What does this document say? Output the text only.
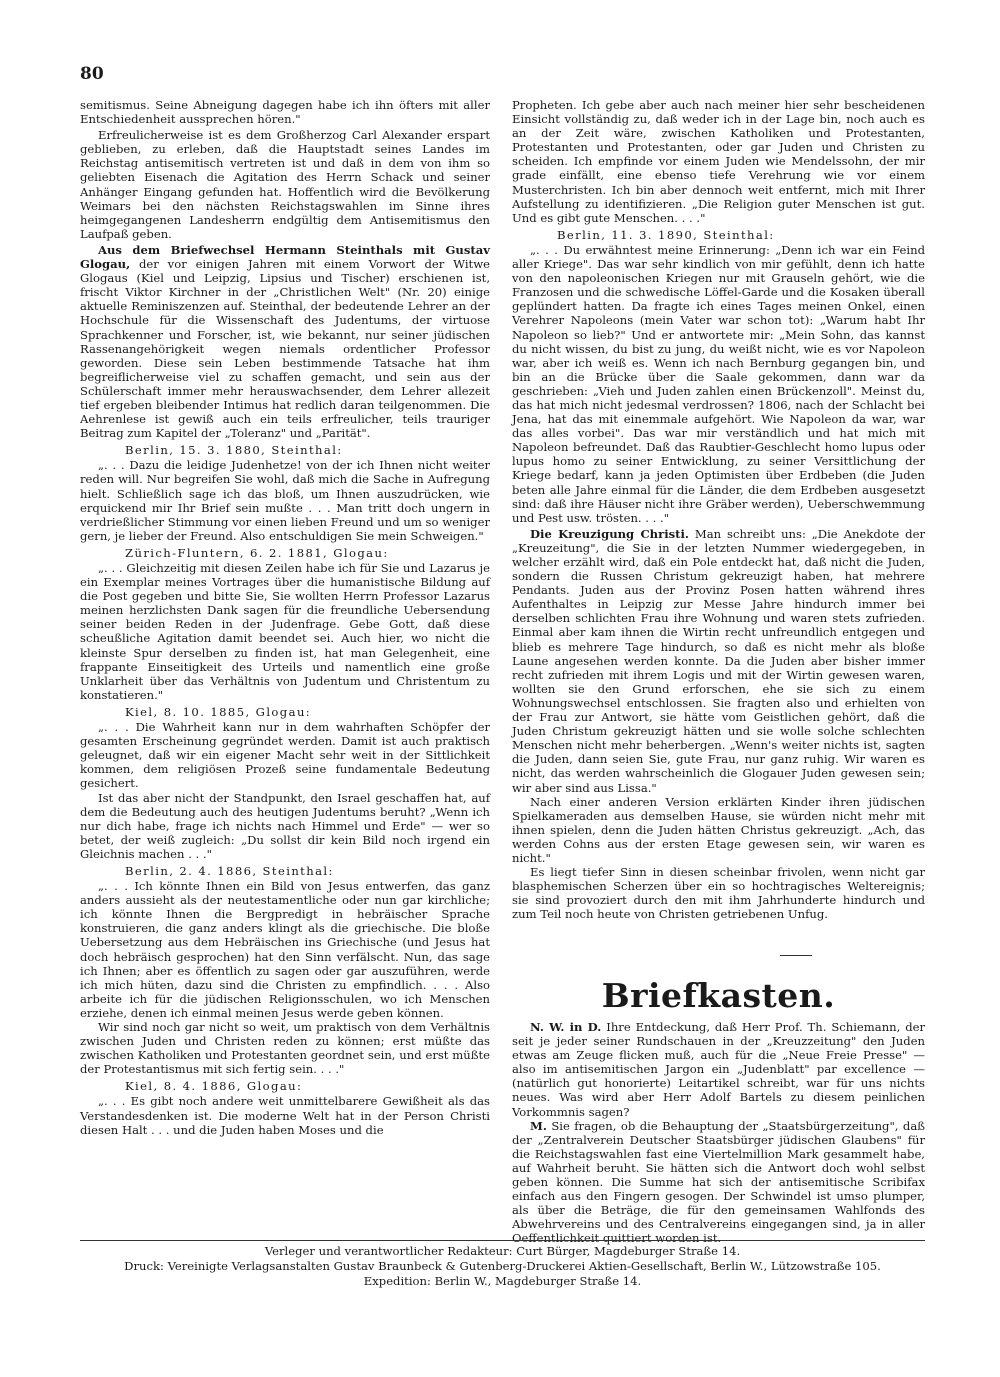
80

semitismus. Seine Abneigung dagegen habe ich ihn öfters mit aller Entschiedenheit aussprechen hören."

Erfreulicherweise ist es dem Großherzog Carl Alexander erspart geblieben, zu erleben, daß die Hauptstadt seines Landes im Reichstag antisemitisch vertreten ist und daß in dem von ihm so geliebten Eisenach die Agitation des Herrn Schack und seiner Anhänger Eingang gefunden hat. Hoffentlich wird die Bevölkerung Weimars bei den nächsten Reichstagswahlen im Sinne ihres heimgegangenen Landesherrn endgültig dem Antisemitismus den Laufpaß geben.

Aus dem Briefwechsel Hermann Steinthals mit Gustav Glogau, der vor einigen Jahren mit einem Vorwort der Witwe Glogaus (Kiel und Leipzig, Lipsius und Tischer) erschienen ist, frischt Viktor Kirchner in der „Christlichen Welt" (Nr. 20) einige aktuelle Reminiszenzen auf. Steinthal, der bedeutende Lehrer an der Hochschule für die Wissenschaft des Judentums, der virtuose Sprachkenner und Forscher, ist, wie bekannt, nur seiner jüdischen Rassenangehörigkeit wegen niemals ordentlicher Professor geworden. Diese sein Leben bestimmende Tatsache hat ihm begreiflicherweise viel zu schaffen gemacht, und sein aus der Schülerschaft immer mehr herauswachsender, dem Lehrer allezeit tief ergeben bleibender Intimus hat redlich daran teilgenommen. Die Aehrenlese ist gewiß auch ein teils erfreulicher, teils trauriger Beitrag zum Kapitel der „Toleranz" und „Parität".

Berlin, 15. 3. 1880, Steinthal:

„. . . Dazu die leidige Judenhetze! von der ich Ihnen nicht weiter reden will. Nur begreifen Sie wohl, daß mich die Sache in Aufregung hielt. Schließlich sage ich das bloß, um Ihnen auszudrücken, wie erquickend mir Ihr Brief sein mußte . . . Man tritt doch ungern in verdrießlicher Stimmung vor einen lieben Freund und um so weniger gern, je lieber der Freund. Also entschuldigen Sie mein Schweigen."

Zürich-Fluntern, 6. 2. 1881, Glogau:

„. . . Gleichzeitig mit diesen Zeilen habe ich für Sie und Lazarus je ein Exemplar meines Vortrages über die humanistische Bildung auf die Post gegeben und bitte Sie, Sie wollten Herrn Professor Lazarus meinen herzlichsten Dank sagen für die freundliche Uebersendung seiner beiden Reden in der Judenfrage. Gebe Gott, daß diese scheußliche Agitation damit beendet sei. Auch hier, wo nicht die kleinste Spur derselben zu finden ist, hat man Gelegenheit, eine frappante Einseitigkeit des Urteils und namentlich eine große Unklarheit über das Verhältnis von Judentum und Christentum zu konstatieren."

Kiel, 8. 10. 1885, Glogau:

„. . . Die Wahrheit kann nur in dem wahrhaften Schöpfer der gesamten Erscheinung gegründet werden. Damit ist auch praktisch geleugnet, daß wir ein eigener Macht sehr weit in der Sittlichkeit kommen, dem religiösen Prozeß seine fundamentale Bedeutung gesichert.

Ist das aber nicht der Standpunkt, den Israel geschaffen hat, auf dem die Bedeutung auch des heutigen Judentums beruht? „Wenn ich nur dich habe, frage ich nichts nach Himmel und Erde" — wer so betet, der weiß zugleich: „Du sollst dir kein Bild noch irgend ein Gleichnis machen . . ."

Berlin, 2. 4. 1886, Steinthal:

„. . . Ich könnte Ihnen ein Bild von Jesus entwerfen, das ganz anders aussieht als der neutestamentliche oder nun gar kirchliche; ich könnte Ihnen die Bergpredigt in hebräischer Sprache konstruieren, die ganz anders klingt als die griechische. Die bloße Uebersetzung aus dem Hebräischen ins Griechische (und Jesus hat doch hebräisch gesprochen) hat den Sinn verfälscht. Nun, das sage ich Ihnen; aber es öffentlich zu sagen oder gar auszuführen, werde ich mich hüten, dazu sind die Christen zu empfindlich. . . . Also arbeite ich für die jüdischen Religionsschulen, wo ich Menschen erziehe, denen ich einmal meinen Jesus werde geben können.

Wir sind noch gar nicht so weit, um praktisch von dem Verhältnis zwischen Juden und Christen reden zu können; erst müßte das zwischen Katholiken und Protestanten geordnet sein, und erst müßte der Protestantismus mit sich fertig sein. . . ."

Kiel, 8. 4. 1886, Glogau:

„. . . Es gibt noch andere weit unmittelbarere Gewißheit als das Verstandesdenken ist. Die moderne Welt hat in der Person Christi diesen Halt . . . und die Juden haben Moses und die

Propheten. Ich gebe aber auch nach meiner hier sehr bescheidenen Einsicht vollständig zu, daß weder ich in der Lage bin, noch auch es an der Zeit wäre, zwischen Katholiken und Protestanten, Protestanten und Protestanten, oder gar Juden und Christen zu scheiden. Ich empfinde vor einem Juden wie Mendelssohn, der mir grade einfällt, eine ebenso tiefe Verehrung wie vor einem Musterchristen. Ich bin aber dennoch weit entfernt, mich mit Ihrer Aufstellung zu identifizieren. „Die Religion guter Menschen ist gut. Und es gibt gute Menschen. . . ."

Berlin, 11. 3. 1890, Steinthal:

„. . . Du erwähntest meine Erinnerung: „Denn ich war ein Feind aller Kriege". Das war sehr kindlich von mir gefühlt, denn ich hatte von den napoleonischen Kriegen nur mit Grauseln gehört, wie die Franzosen und die schwedische Löffel-Garde und die Kosaken überall geplündert hatten. Da fragte ich eines Tages meinen Onkel, einen Verehrer Napoleons (mein Vater war schon tot): „Warum habt Ihr Napoleon so lieb?" Und er antwortete mir: „Mein Sohn, das kannst du nicht wissen, du bist zu jung, du weißt nicht, wie es vor Napoleon war, aber ich weiß es. Wenn ich nach Bernburg gegangen bin, und bin an die Brücke über die Saale gekommen, dann war da geschrieben: „Vieh und Juden zahlen einen Brückenzoll". Meinst du, das hat mich nicht jedesmal verdrossen? 1806, nach der Schlacht bei Jena, hat das mit einemmale aufgehört. Wie Napoleon da war, war das alles vorbei". Das war mir verständlich und hat mich mit Napoleon befreundet. Daß das Raubtier-Geschlecht homo lupus oder lupus homo zu seiner Entwicklung, zu seiner Versittlichung der Kriege bedarf, kann ja jeden Optimisten über Erdbeben (die Juden beten alle Jahre einmal für die Länder, die dem Erdbeben ausgesetzt sind: daß ihre Häuser nicht ihre Gräber werden), Ueberschwemmung und Pest usw. trösten. . . ."

Die Kreuzigung Christi. Man schreibt uns: „Die Anekdote der „Kreuzeitung", die Sie in der letzten Nummer wiedergegeben, in welcher erzählt wird, daß ein Pole entdeckt hat, daß nicht die Juden, sondern die Russen Christum gekreuzigt haben, hat mehrere Pendants. Juden aus der Provinz Posen hatten während ihres Aufenthaltes in Leipzig zur Messe Jahre hindurch immer bei derselben schlichten Frau ihre Wohnung und waren stets zufrieden. Einmal aber kam ihnen die Wirtin recht unfreundlich entgegen und blieb es mehrere Tage hindurch, so daß es nicht mehr als bloße Laune angesehen werden konnte. Da die Juden aber bisher immer recht zufrieden mit ihrem Logis und mit der Wirtin gewesen waren, wollten sie den Grund erforschen, ehe sie sich zu einem Wohnungswechsel entschlossen. Sie fragten also und erhielten von der Frau zur Antwort, sie hätte vom Geistlichen gehört, daß die Juden Christum gekreuzigt hätten und sie wolle solche schlechten Menschen nicht mehr beherbergen. „Wenn's weiter nichts ist, sagten die Juden, dann seien Sie, gute Frau, nur ganz ruhig. Wir waren es nicht, das werden wahrscheinlich die Glogauer Juden gewesen sein; wir aber sind aus Lissa."

Nach einer anderen Version erklärten Kinder ihren jüdischen Spielkameraden aus demselben Hause, sie würden nicht mehr mit ihnen spielen, denn die Juden hätten Christus gekreuzigt. „Ach, das werden Cohns aus der ersten Etage gewesen sein, wir waren es nicht."

Es liegt tiefer Sinn in diesen scheinbar frivolen, wenn nicht gar blasphemischen Scherzen über ein so hochtragisches Weltereignis; sie sind provoziert durch den mit ihm Jahrhunderte hindurch und zum Teil noch heute von Christen getriebenen Unfug.

Briefkasten.

N. W. in D. Ihre Entdeckung, daß Herr Prof. Th. Schiemann, der seit je jeder seiner Rundschauen in der „Kreuzzeitung" den Juden etwas am Zeuge flicken muß, auch für die „Neue Freie Presse" — also im antisemitischen Jargon ein „Judenblatt" par excellence — (natürlich gut honorierte) Leitartikel schreibt, war für uns nichts neues. Was wird aber Herr Adolf Bartels zu diesem peinlichen Vorkommnis sagen?

M. Sie fragen, ob die Behauptung der „Staatsbürgerzeitung", daß der „Zentralverein Deutscher Staatsbürger jüdischen Glaubens" für die Reichstagswahlen fast eine Viertelmillion Mark gesammelt habe, auf Wahrheit beruht. Sie hätten sich die Antwort doch wohl selbst geben können. Die Summe hat sich der antisemitische Scribifax einfach aus den Fingern gesogen. Der Schwindel ist umso plumper, als über die Beträge, die für den gemeinsamen Wahlfonds des Abwehrvereins und des Centralvereins eingegangen sind, ja in aller Oeffentlichkeit quittiert worden ist.

Verleger und verantwortlicher Redakteur: Curt Bürger, Magdeburger Straße 14.
Druck: Vereinigte Verlagsanstalten Gustav Braunbeck & Gutenberg-Druckerei Aktien-Gesellschaft, Berlin W., Lützowstraße 105.
Expedition: Berlin W., Magdeburger Straße 14.
